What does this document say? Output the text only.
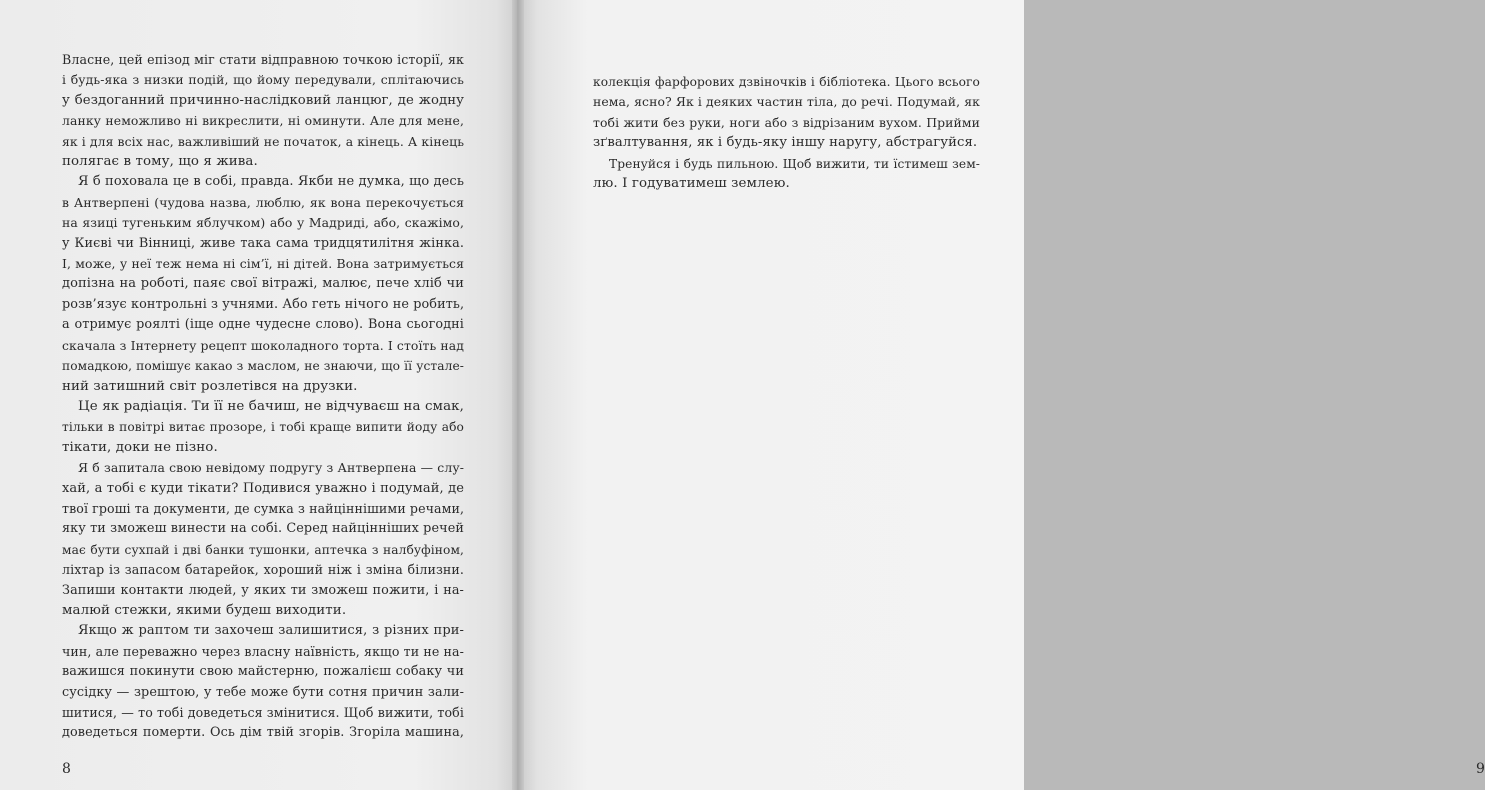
Власне, цей епізод міг стати відправною точкою історії, як
і будь-яка з низки подій, що йому передували, сплітаючись
у бездоганний причинно-наслідковий ланцюг, де жодну
ланку неможливо ні викреслити, ні оминути. Але для мене,
як і для всіх нас, важливіший не початок, а кінець. А кінець
полягає в тому, що я жива.
Я б поховала це в собі, правда. Якби не думка, що десь
в Антверпені (чудова назва, люблю, як вона перекочується
на язиці тугеньким яблучком) або у Мадриді, або, скажімо,
у Києві чи Вінниці, живе така сама тридцятилітня жінка.
І, може, у неї теж нема ні сім’ї, ні дітей. Вона затримується
допізна на роботі, паяє свої вітражі, малює, пече хліб чи
розв’язує контрольні з учнями. Або геть нічого не робить,
а отримує роялті (іще одне чудесне слово). Вона сьогодні
скачала з Інтернету рецепт шоколадного торта. І стоїть над
помадкою, помішує какао з маслом, не знаючи, що її устале-
ний затишний світ розлетівся на друзки.
Це як радіація. Ти її не бачиш, не відчуваєш на смак,
тільки в повітрі витає прозоре, і тобі краще випити йоду або
тікати, доки не пізно.
Я б запитала свою невідому подругу з Антверпена — слу-
хай, а тобі є куди тікати? Подивися уважно і подумай, де
твої гроші та документи, де сумка з найціннішими речами,
яку ти зможеш винести на собі. Серед найцінніших речей
має бути сухпай і дві банки тушонки, аптечка з налбуфіном,
ліхтар із запасом батарейок, хороший ніж і зміна білизни.
Запиши контакти людей, у яких ти зможеш пожити, і на-
малюй стежки, якими будеш виходити.
Якщо ж раптом ти захочеш залишитися, з різних при-
чин, але переважно через власну наївність, якщо ти не на-
важишся покинути свою майстерню, пожалієш собаку чи
сусідку — зрештою, у тебе може бути сотня причин зали-
шитися, — то тобі доведеться змінитися. Щоб вижити, тобі
доведеться померти. Ось дім твій згорів. Згоріла машина,
8	9
колекція фарфорових дзвіночків і бібліотека. Цього всього
нема, ясно? Як і деяких частин тіла, до речі. Подумай, як
тобі жити без руки, ноги або з відрізаним вухом. Прийми
зґвалтування, як і будь-яку іншу наругу, абстрагуйся.
Тренуйся і будь пильною. Щоб вижити, ти їстимеш зем-
лю. І годуватимеш землею.
